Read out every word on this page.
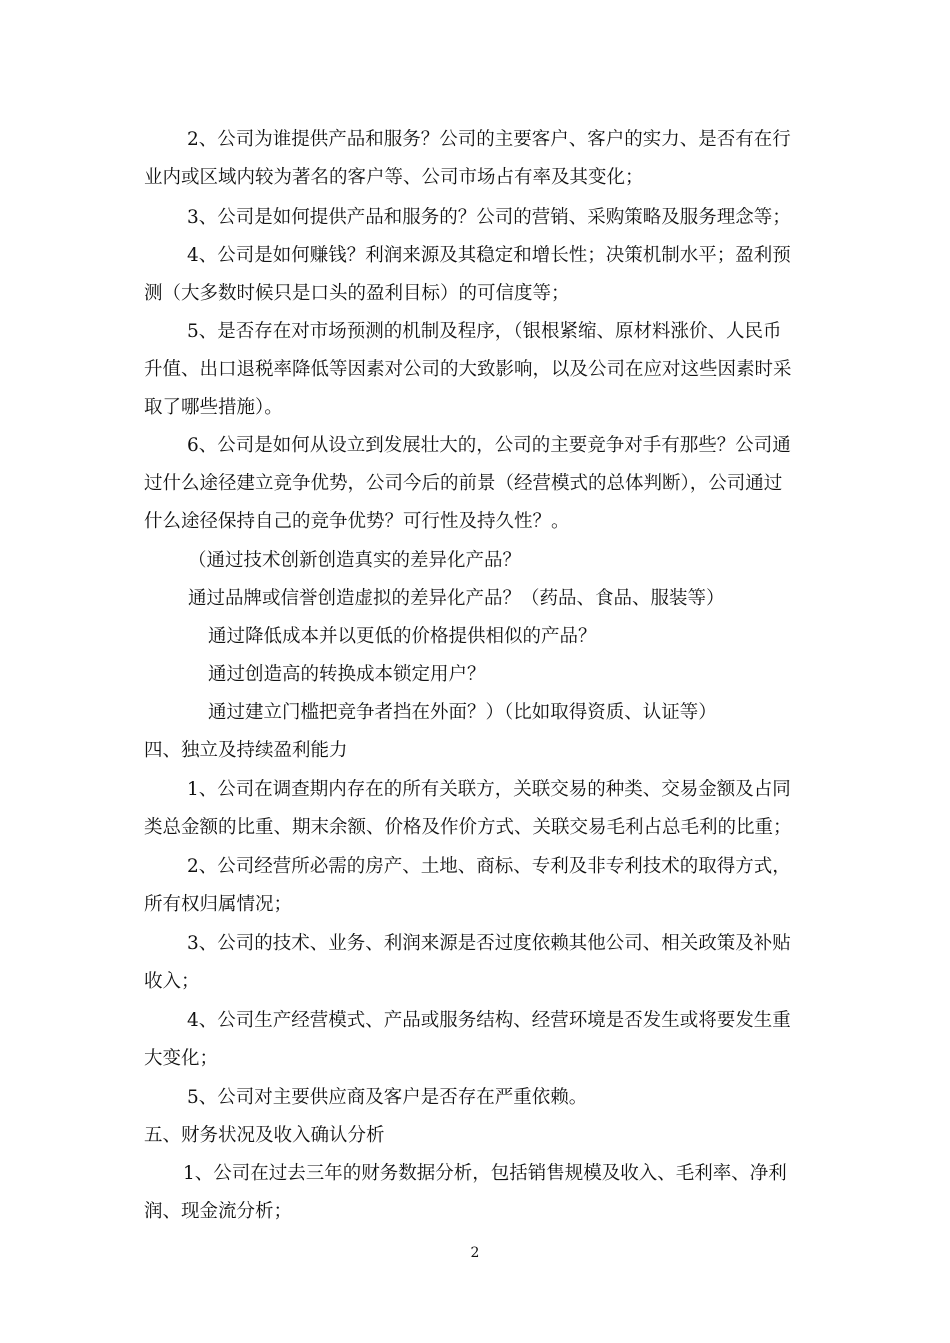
2、公司为谁提供产品和服务？公司的主要客户、客户的实力、是否有在行
业内或区域内较为著名的客户等、公司市场占有率及其变化；
3、公司是如何提供产品和服务的？公司的营销、采购策略及服务理念等；
4、公司是如何赚钱？利润来源及其稳定和增长性；决策机制水平；盈利预
测（大多数时候只是口头的盈利目标）的可信度等；
5、是否存在对市场预测的机制及程序，（银根紧缩、原材料涨价、人民币
升值、出口退税率降低等因素对公司的大致影响，以及公司在应对这些因素时采
取了哪些措施）。
6、公司是如何从设立到发展壮大的，公司的主要竞争对手有那些？公司通
过什么途径建立竞争优势，公司今后的前景（经营模式的总体判断），公司通过
什么途径保持自己的竞争优势？可行性及持久性？。
（通过技术创新创造真实的差异化产品？
通过品牌或信誉创造虚拟的差异化产品？（药品、食品、服装等）
通过降低成本并以更低的价格提供相似的产品？
通过创造高的转换成本锁定用户？
通过建立门槛把竞争者挡在外面？）（比如取得资质、认证等）
四、独立及持续盈利能力
1、公司在调查期内存在的所有关联方，关联交易的种类、交易金额及占同
类总金额的比重、期末余额、价格及作价方式、关联交易毛利占总毛利的比重；
2、公司经营所必需的房产、土地、商标、专利及非专利技术的取得方式，
所有权归属情况；
3、公司的技术、业务、利润来源是否过度依赖其他公司、相关政策及补贴
收入；
4、公司生产经营模式、产品或服务结构、经营环境是否发生或将要发生重
大变化；
5、公司对主要供应商及客户是否存在严重依赖。
五、财务状况及收入确认分析
1、公司在过去三年的财务数据分析，包括销售规模及收入、毛利率、净利
润、现金流分析；
2
